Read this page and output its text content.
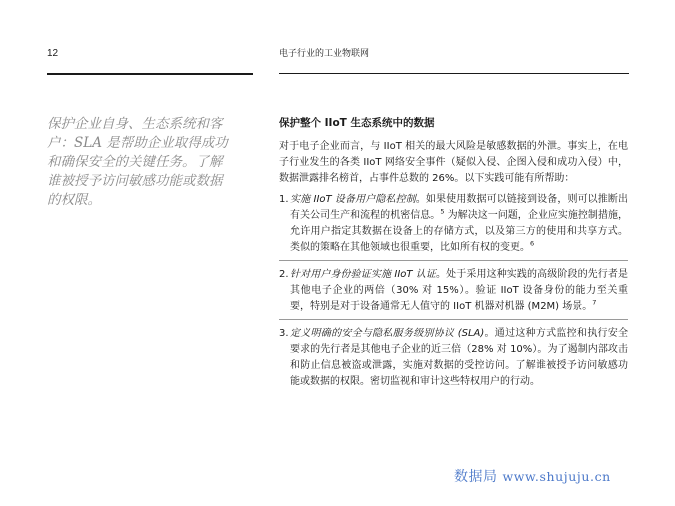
12	电子行业的工业物联网
保护企业自身、生态系统和客户：SLA 是帮助企业取得成功和确保安全的关键任务。了解谁被授予访问敏感功能或数据的权限。
保护整个 IIoT 生态系统中的数据
对于电子企业而言，与 IIoT 相关的最大风险是敏感数据的外泄。事实上，在电子行业发生的各类 IIoT 网络安全事件（疑似入侵、企图入侵和成功入侵）中，数据泄露排名榜首，占事件总数的 26%。以下实践可能有所帮助：
1. 实施 IIoT 设备用户隐私控制。如果使用数据可以链接到设备，则可以推断出有关公司生产和流程的机密信息。$^5$ 为解决这一问题，企业应实施控制措施，允许用户指定其数据在设备上的存储方式，以及第三方的使用和共享方式。类似的策略在其他领域也很重要，比如所有权的变更。$^6$
2. 针对用户身份验证实施 IIoT 认证。处于采用这种实践的高级阶段的先行者是其他电子企业的两倍（30% 对 15%）。验证 IIoT 设备身份的能力至关重要，特别是对于设备通常无人值守的 IIoT 机器对机器 (M2M) 场景。$^7$
3. 定义明确的安全与隐私服务级别协议 (SLA)。通过这种方式监控和执行安全要求的先行者是其他电子企业的近三倍（28% 对 10%）。为了遏制内部攻击和防止信息被盗或泄露，实施对数据的受控访问。了解谁被授予访问敏感功能或数据的权限。密切监视和审计这些特权用户的行动。
数据局 www.shujuju.cn
